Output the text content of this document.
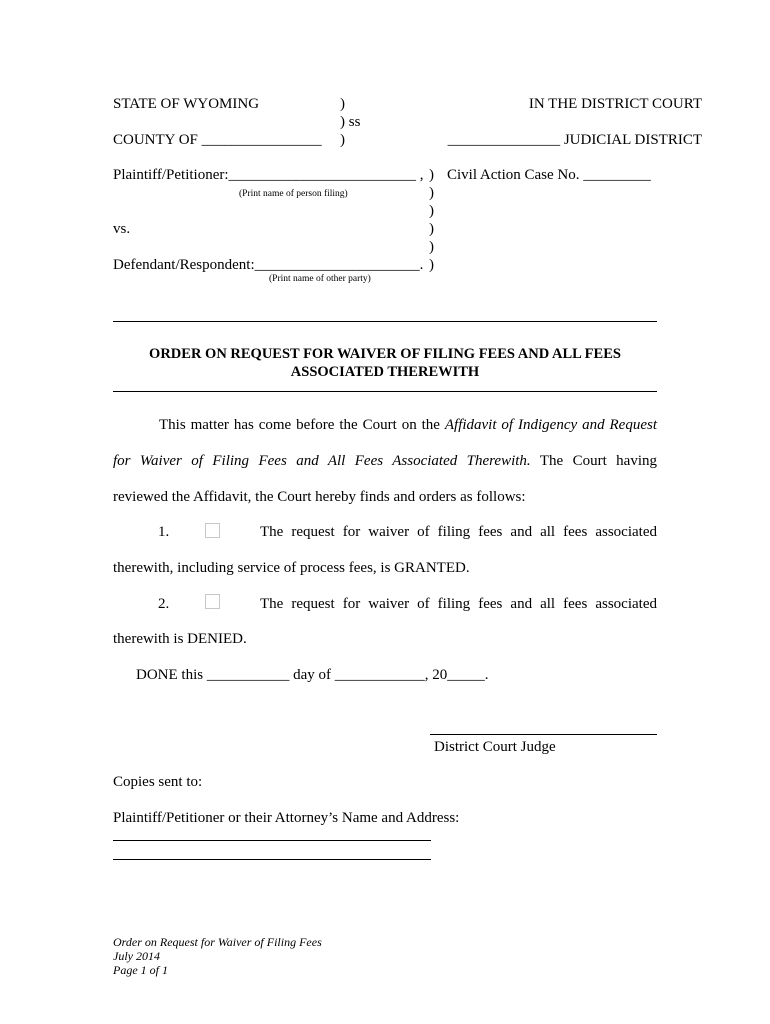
STATE OF WYOMING	)
) ss
COUNTY OF ________________ )
IN THE DISTRICT COURT
_______________ JUDICIAL DISTRICT
Plaintiff/Petitioner:_________________________ ,
(Print name of person filing)
Civil Action Case No. _________
)
)
)
)
)
)
vs.
Defendant/Respondent:______________________.
(Print name of other party)
ORDER ON REQUEST FOR WAIVER OF FILING FEES AND ALL FEES
ASSOCIATED THEREWITH
This matter has come before the Court on the Affidavit of Indigency and Request
for Waiver of Filing Fees and All Fees Associated Therewith. The Court having
reviewed the Affidavit, the Court hereby finds and orders as follows:
1.	The request for waiver of filing fees and all fees associated
therewith, including service of process fees, is GRANTED.
2.	The request for waiver of filing fees and all fees associated
therewith is DENIED.
DONE this ___________ day of ____________, 20_____.
District Court Judge
Copies sent to:
Plaintiff/Petitioner or their Attorney’s Name and Address:
Order on Request for Waiver of Filing Fees
July 2014
Page 1 of 1
